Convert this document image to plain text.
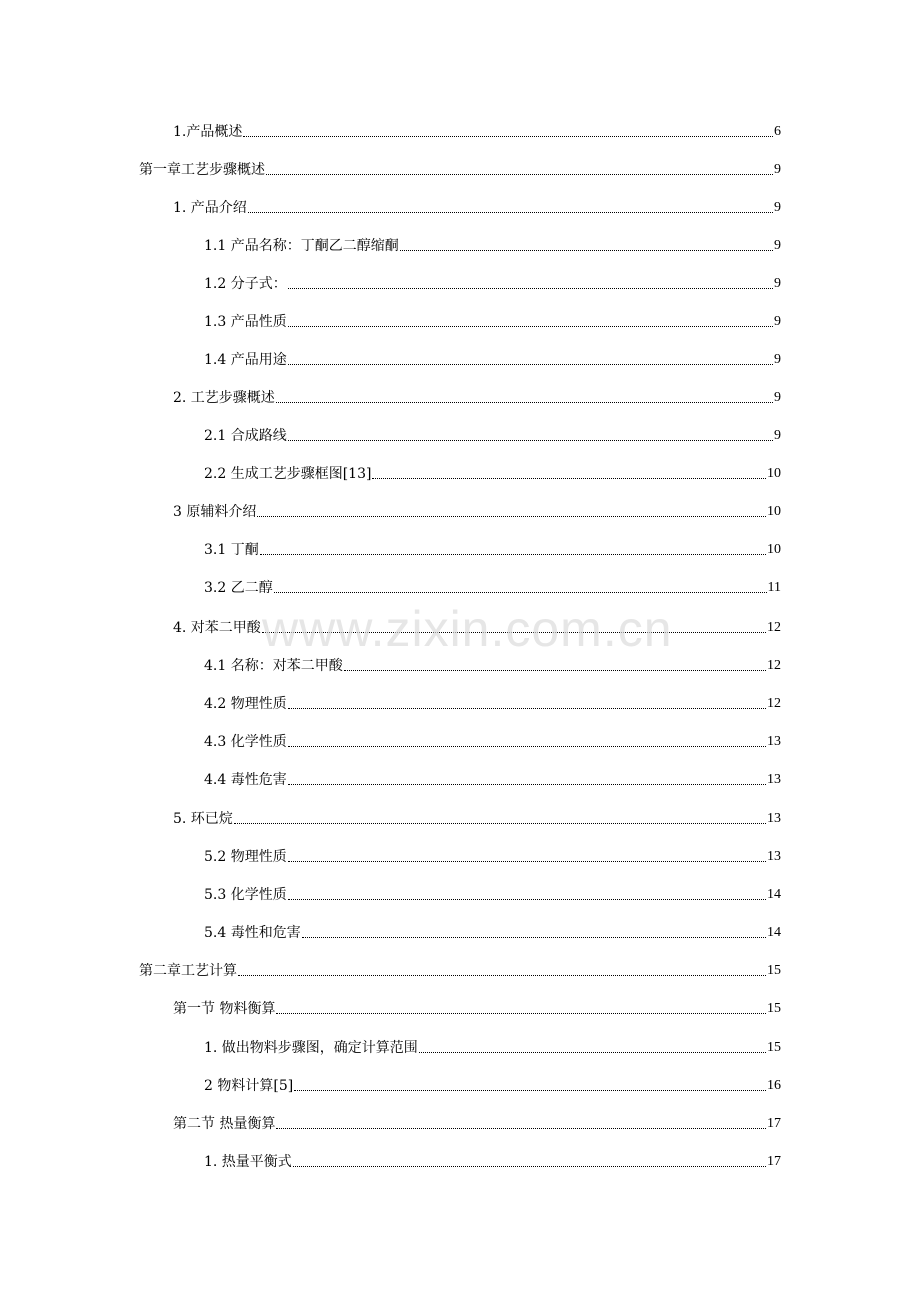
1.产品概述	6
第一章工艺步骤概述	9
1. 产品介绍	9
1.1 产品名称：丁酮乙二醇缩酮	9
1.2 分子式：	9
1.3 产品性质	9
1.4 产品用途	9
2. 工艺步骤概述	9
2.1 合成路线	9
2.2 生成工艺步骤框图[13]	10
3 原辅料介绍	10
3.1 丁酮	10
3.2 乙二醇	11
4. 对苯二甲酸	12
4.1 名称：对苯二甲酸	12
4.2 物理性质	12
4.3 化学性质	13
4.4 毒性危害	13
5. 环已烷	13
5.2 物理性质	13
5.3 化学性质	14
5.4 毒性和危害	14
第二章工艺计算	15
第一节 物料衡算	15
1. 做出物料步骤图，确定计算范围	15
2 物料计算[5]	16
第二节 热量衡算	17
1. 热量平衡式	17
www.zixin.com.cn
